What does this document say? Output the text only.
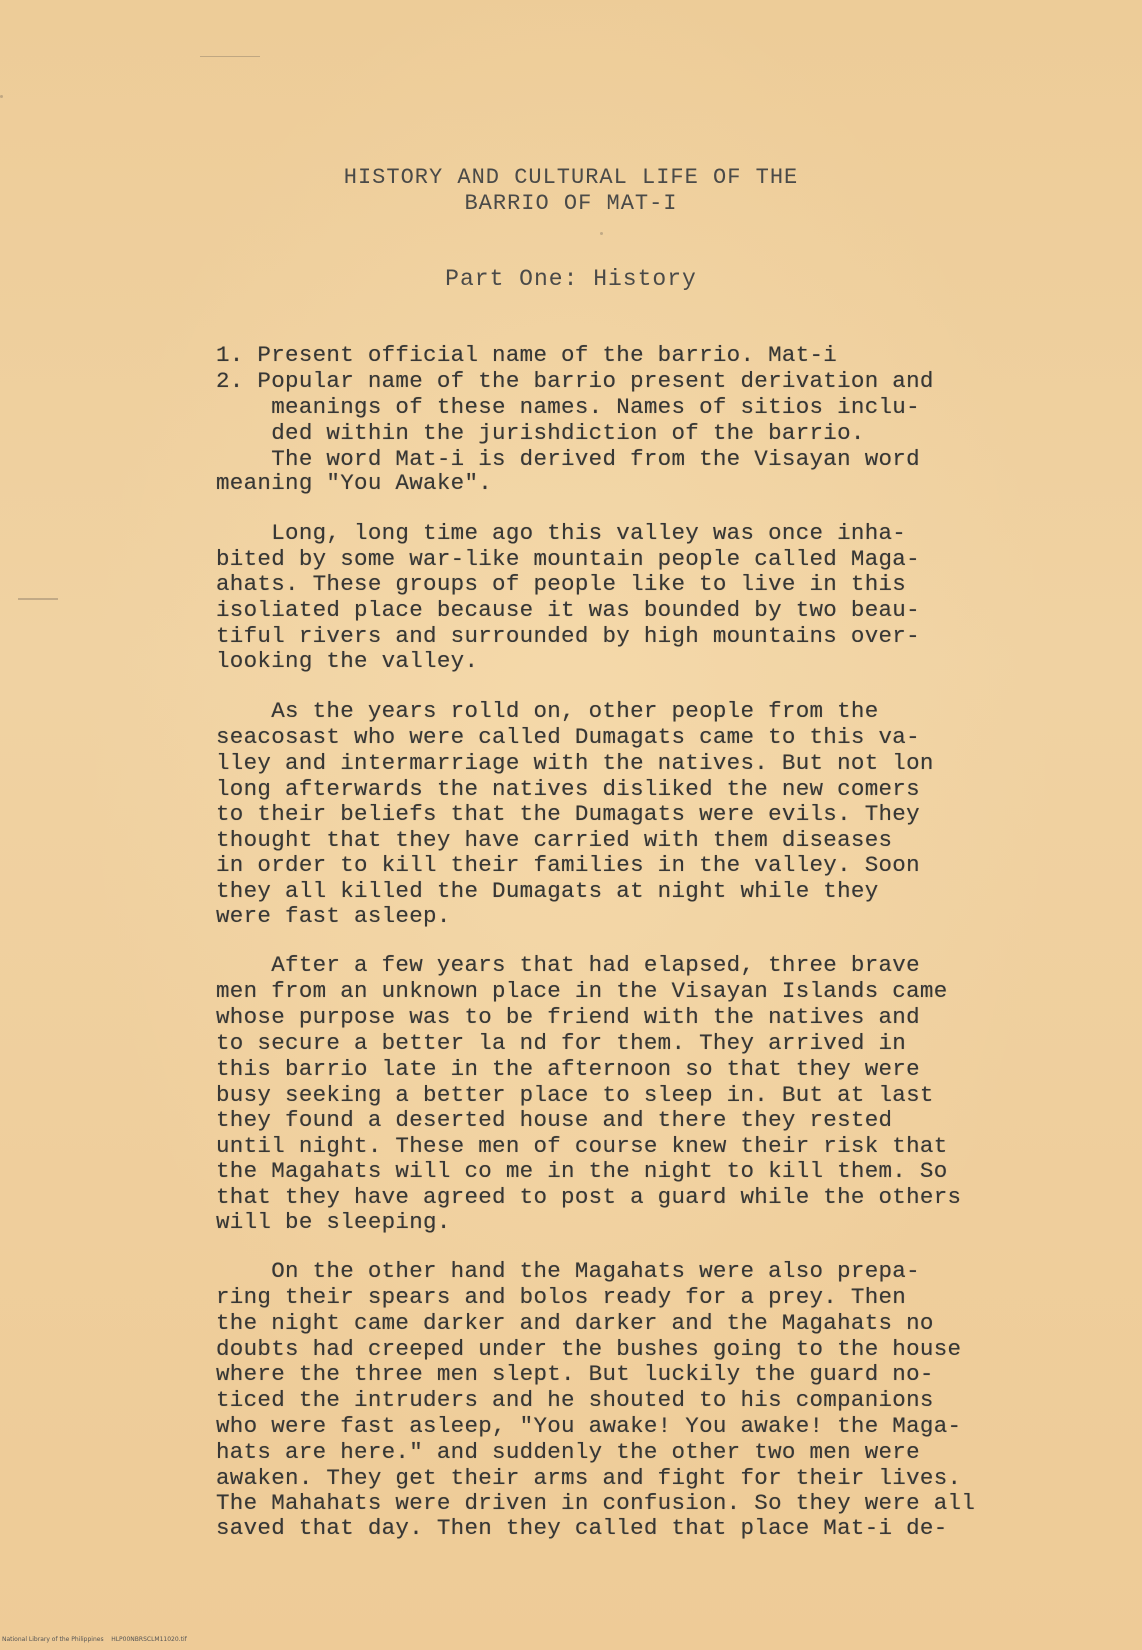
HISTORY AND CULTURAL LIFE OF THE
BARRIO OF MAT-I
Part One: History
1. Present official name of the barrio. Mat-i
2. Popular name of the barrio present derivation and
meanings of these names. Names of sitios inclu-
ded within the jurishdiction of the barrio.
The word Mat-i is derived from the Visayan word
meaning "You Awake".
Long, long time ago this valley was once inha-
bited by some war-like mountain people called Maga-
ahats. These groups of people like to live in this
isoliated place because it was bounded by two beau-
tiful rivers and surrounded by high mountains over-
looking the valley.
As the years rolld on, other people from the
seacosast who were called Dumagats came to this va-
lley and intermarriage with the natives. But not lon
long afterwards the natives disliked the new comers
to their beliefs that the Dumagats were evils. They
thought that they have carried with them diseases
in order to kill their families in the valley. Soon
they all killed the Dumagats at night while they
were fast asleep.
After a few years that had elapsed, three brave
men from an unknown place in the Visayan Islands came
whose purpose was to be friend with the natives and
to secure a better la nd for them. They arrived in
this barrio late in the afternoon so that they were
busy seeking a better place to sleep in. But at last
they found a deserted house and there they rested
until night. These men of course knew their risk that
the Magahats will co me in the night to kill them. So
that they have agreed to post a guard while the others
will be sleeping.
On the other hand the Magahats were also prepa-
ring their spears and bolos ready for a prey. Then
the night came darker and darker and the Magahats no
doubts had creeped under the bushes going to the house
where the three men slept. But luckily the guard no-
ticed the intruders and he shouted to his companions
who were fast asleep, "You awake! You awake! the Maga-
hats are here." and suddenly the other two men were
awaken. They get their arms and fight for their lives.
The Mahahats were driven in confusion. So they were all
saved that day. Then they called that place Mat-i de-
National Library of the Philippines    HLP00NBRSCLM11020.tif
